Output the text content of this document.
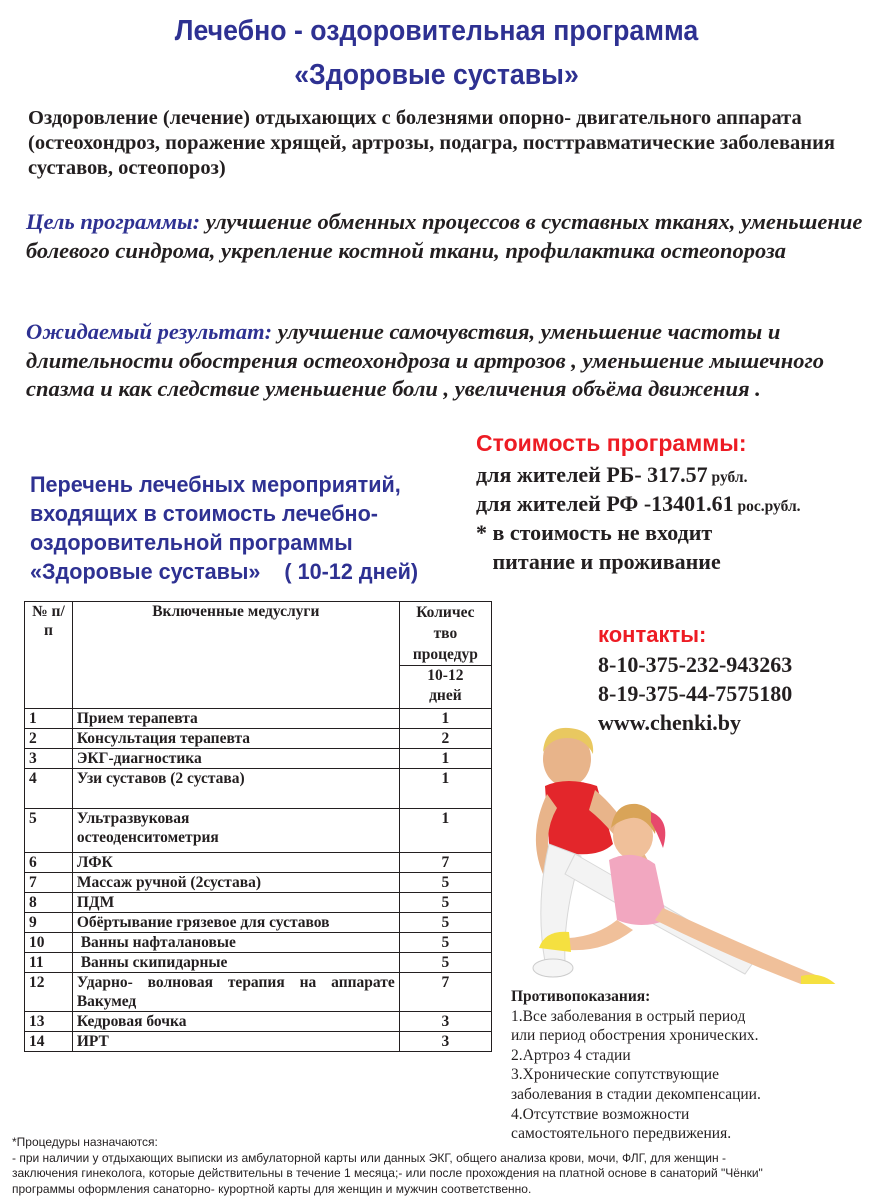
Лечебно - оздоровительная программа
«Здоровые суставы»
Оздоровление (лечение) отдыхающих с болезнями опорно- двигательного аппарата (остеохондроз, поражение хрящей, артрозы, подагра, посттравматические заболевания суставов, остеопороз)
Цель программы: улучшение обменных процессов в суставных тканях, уменьшение болевого синдрома, укрепление костной ткани, профилактика остеопороза
Ожидаемый результат: улучшение самочувствия, уменьшение частоты и длительности обострения остеохондроза и артрозов , уменьшение мышечного спазма и как следствие уменьшение боли , увеличения объёма движения .
Стоимость программы:
для жителей РБ- 317.57 рубл.
для жителей РФ -13401.61 рос.рубл.
* в стоимость не входит
питание и проживание
Перечень лечебных мероприятий,
входящих в стоимость лечебно-
оздоровительной программы
«Здоровые суставы»    ( 10-12 дней)
№ п/п	Включенные медуслуги	Количес
тво
процедур

		10-12
дней

1	Прием терапевта	1
2	Консультация терапевта	2
3	ЭКГ-диагностика	1
4	Узи суставов (2 сустава)	1
5	Ультразвуковая остеоденситометрия	1
6	ЛФК	7
7	Массаж ручной (2сустава)	5
8	ПДМ	5
9	Обёртывание грязевое для суставов	5
10	Ванны нафталановые	5
11	Ванны скипидарные	5
12	Ударно- волновая терапия на аппарате Вакумед	7
13	Кедровая бочка	3
14	ИРТ	3
контакты:
8-10-375-232-943263
8-19-375-44-7575180
www.chenki.by
Противопоказания:
1.Все заболевания в острый период
или период обострения хронических.
2.Артроз 4 стадии
3.Хронические сопутствующие
заболевания в стадии декомпенсации.
4.Отсутствие возможности
самостоятельного передвижения.
*Процедуры назначаются:
- при наличии у отдыхающих выписки из амбулаторной карты или данных ЭКГ, общего анализа крови, мочи, ФЛГ, для женщин -
заключения гинеколога, которые действительны в течение 1 месяца;- или после прохождения на платной основе в санаторий "Чёнки"
программы оформления санаторно- курортной карты для женщин и мужчин соответственно.
